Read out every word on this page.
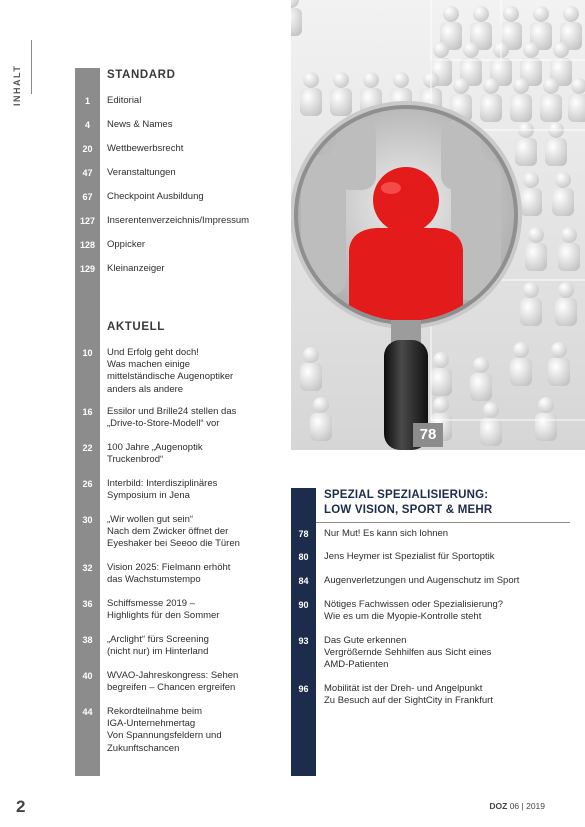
INHALT	STANDARD
1	Editorial
4	News & Names
20	Wettbewerbsrecht
47	Veranstaltungen
67	Checkpoint Ausbildung
127	Inserentenverzeichnis/Impressum
128	Oppicker
129	Kleinanzeiger
AKTUELL
10	Und Erfolg geht doch!
Was machen einige
mittelständische Augenoptiker
anders als andere
16	Essilor und Brille24 stellen das
„Drive-to-Store-Modell“ vor
22	100 Jahre „Augenoptik
Truckenbrod“
26	Interbild: Interdisziplinäres
Symposium in Jena
30	„Wir wollen gut sein“
Nach dem Zwicker öffnet der
Eyeshaker bei Seeoo die Türen
32	Vision 2025: Fielmann erhöht
das Wachstumstempo
36	Schiffsmesse 2019 –
Highlights für den Sommer
38	„Arclight“ fürs Screening
(nicht nur) im Hinterland
40	WVAO-Jahreskongress: Sehen
begreifen – Chancen ergreifen
44	Rekordteilnahme beim
IGA-Unternehmertag
Von Spannungsfeldern und
Zukunftschancen
78
SPEZIAL SPEZIALISIERUNG:
LOW VISION, SPORT & MEHR
78	Nur Mut! Es kann sich lohnen
80	Jens Heymer ist Spezialist für Sportoptik
84	Augenverletzungen und Augenschutz im Sport
90	Nötiges Fachwissen oder Spezialisierung?
Wie es um die Myopie-Kontrolle steht
93	Das Gute erkennen
Vergrößernde Sehhilfen aus Sicht eines
AMD-Patienten
96	Mobilität ist der Dreh- und Angelpunkt
Zu Besuch auf der SightCity in Frankfurt
2	DOZ 06 | 2019
